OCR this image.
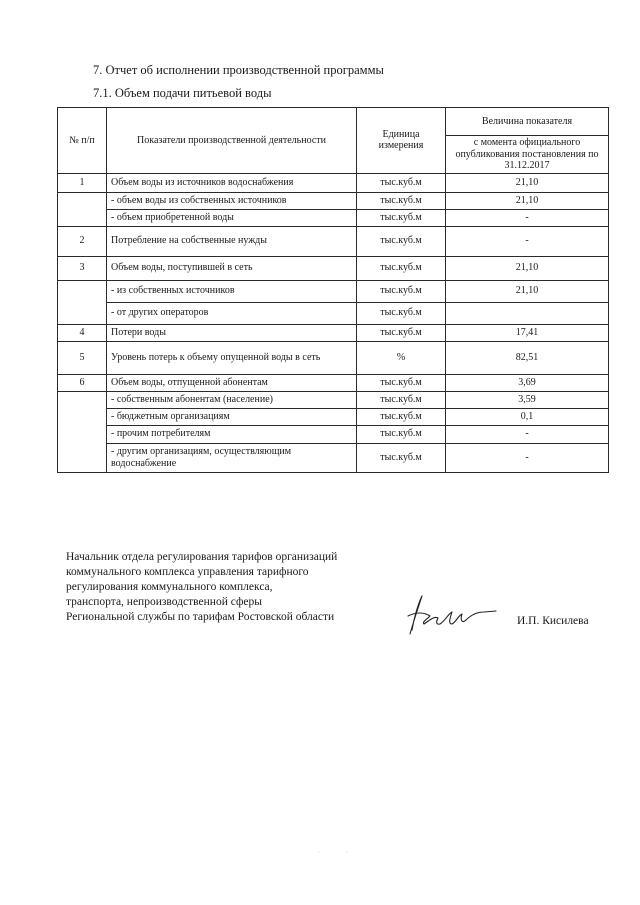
7. Отчет об исполнении производственной программы
7.1. Объем подачи питьевой воды
№ п/п	Показатели производственной деятельности	Единица измерения	Величина показателя
			с момента официального опубликования постановления по 31.12.2017
1	Объем воды из источников водоснабжения	тыс.куб.м	21,10
	- объем воды из собственных источников	тыс.куб.м	21,10
	- объем приобретенной воды	тыс.куб.м	-
2	Потребление на собственные нужды	тыс.куб.м	-
3	Объем воды, поступившей в сеть	тыс.куб.м	21,10
	- из собственных источников	тыс.куб.м	21,10
	- от других операторов	тыс.куб.м	
4	Потери воды	тыс.куб.м	17,41
5	Уровень потерь к объему опущенной воды в сеть	%	82,51
6	Объем воды, отпущенной абонентам	тыс.куб.м	3,69
	- собственным абонентам (население)	тыс.куб.м	3,59
	- бюджетным организациям	тыс.куб.м	0,1
	- прочим потребителям	тыс.куб.м	-
	- другим организациям, осуществляющим водоснабжение	тыс.куб.м	-
Начальник отдела регулирования тарифов организаций
коммунального комплекса управления тарифного
регулирования коммунального комплекса,
транспорта, непроизводственной сферы
Региональной службы по тарифам Ростовской области	И.П. Кисилева
·	·
